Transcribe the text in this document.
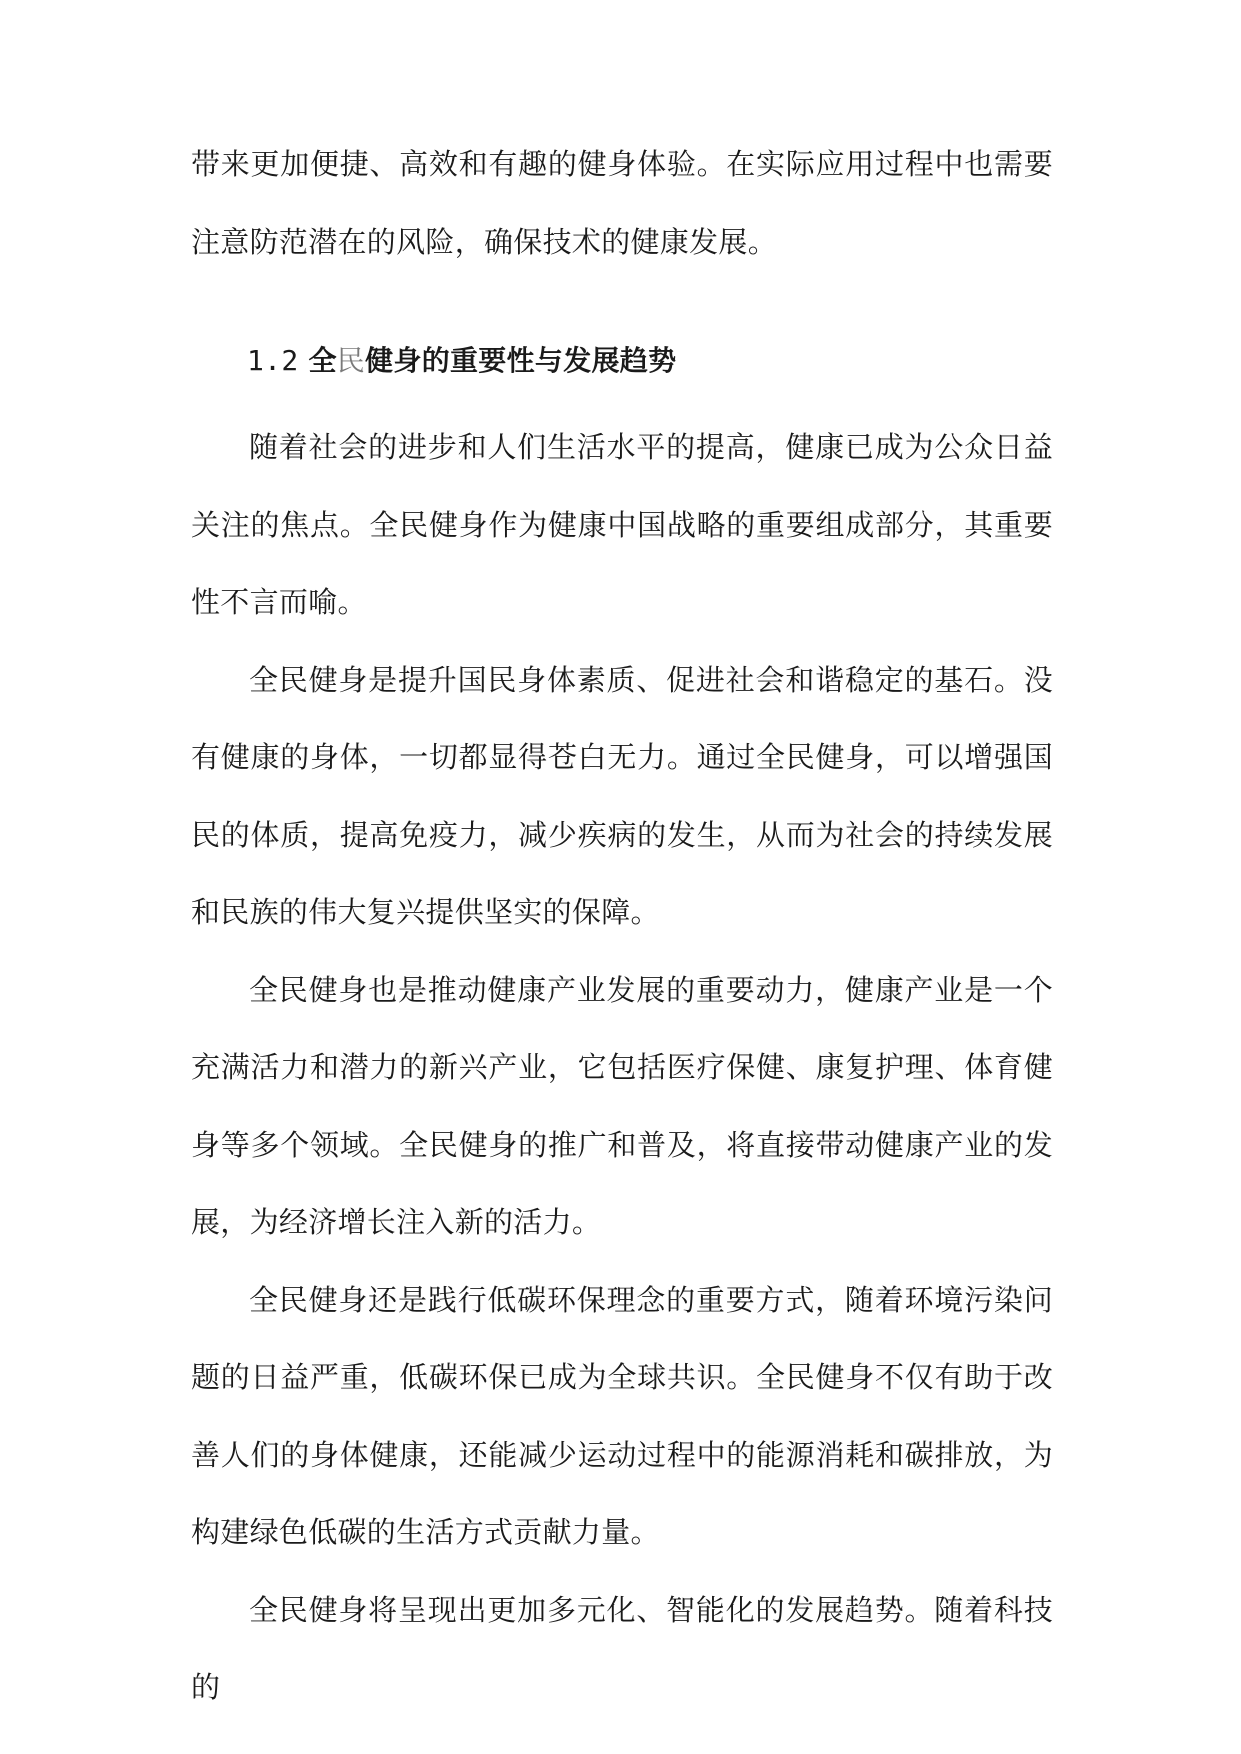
带来更加便捷、高效和有趣的健身体验。在实际应用过程中也需要注意防范潜在的风险，确保技术的健康发展。

1.2 全民健身的重要性与发展趋势

随着社会的进步和人们生活水平的提高，健康已成为公众日益关注的焦点。全民健身作为健康中国战略的重要组成部分，其重要性不言而喻。

全民健身是提升国民身体素质、促进社会和谐稳定的基石。没有健康的身体，一切都显得苍白无力。通过全民健身，可以增强国民的体质，提高免疫力，减少疾病的发生，从而为社会的持续发展和民族的伟大复兴提供坚实的保障。

全民健身也是推动健康产业发展的重要动力，健康产业是一个充满活力和潜力的新兴产业，它包括医疗保健、康复护理、体育健身等多个领域。全民健身的推广和普及，将直接带动健康产业的发展，为经济增长注入新的活力。

全民健身还是践行低碳环保理念的重要方式，随着环境污染问题的日益严重，低碳环保已成为全球共识。全民健身不仅有助于改善人们的身体健康，还能减少运动过程中的能源消耗和碳排放，为构建绿色低碳的生活方式贡献力量。

全民健身将呈现出更加多元化、智能化的发展趋势。随着科技的
